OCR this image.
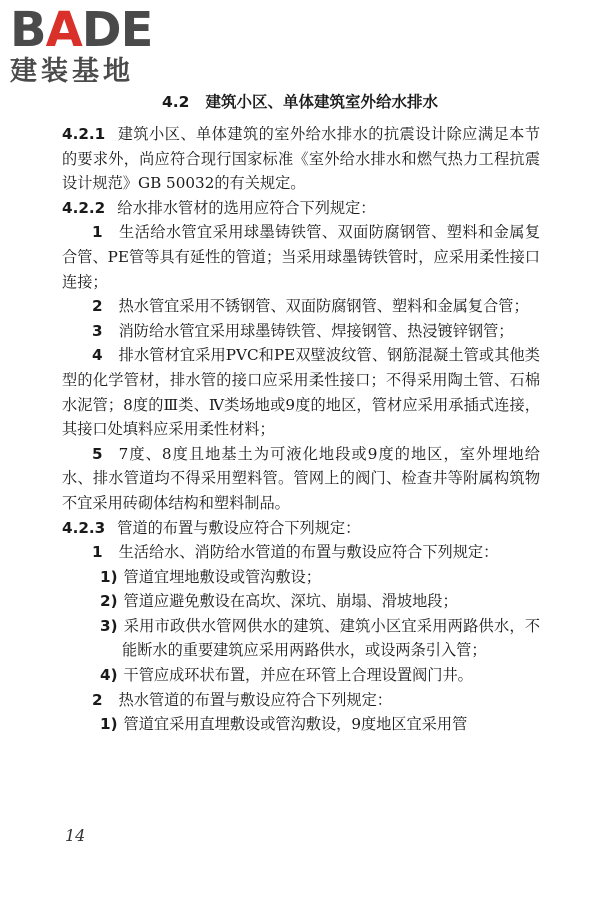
B A DE
建装基地
4.2 建筑小区、单体建筑室外给水排水

4.2.1 建筑小区、单体建筑的室外给水排水的抗震设计除应满足本节的要求外，尚应符合现行国家标准《室外给水排水和燃气热力工程抗震设计规范》GB 50032的有关规定。

4.2.2 给水排水管材的选用应符合下列规定：

1 生活给水管宜采用球墨铸铁管、双面防腐钢管、塑料和金属复合管、PE管等具有延性的管道；当采用球墨铸铁管时，应采用柔性接口连接；

2 热水管宜采用不锈钢管、双面防腐钢管、塑料和金属复合管；

3 消防给水管宜采用球墨铸铁管、焊接钢管、热浸镀锌钢管；

4 排水管材宜采用PVC和PE双壁波纹管、钢筋混凝土管或其他类型的化学管材，排水管的接口应采用柔性接口；不得采用陶土管、石棉水泥管；8度的Ⅲ类、Ⅳ类场地或9度的地区，管材应采用承插式连接，其接口处填料应采用柔性材料；

5 7度、8度且地基土为可液化地段或9度的地区，室外埋地给水、排水管道均不得采用塑料管。管网上的阀门、检查井等附属构筑物不宜采用砖砌体结构和塑料制品。

4.2.3 管道的布置与敷设应符合下列规定：

1 生活给水、消防给水管道的布置与敷设应符合下列规定：

1) 管道宜埋地敷设或管沟敷设；

2) 管道应避免敷设在高坎、深坑、崩塌、滑坡地段；

3) 采用市政供水管网供水的建筑、建筑小区宜采用两路供水，不能断水的重要建筑应采用两路供水，或设两条引入管；

4) 干管应成环状布置，并应在环管上合理设置阀门井。

2 热水管道的布置与敷设应符合下列规定：

1) 管道宜采用直埋敷设或管沟敷设，9度地区宜采用管

14
